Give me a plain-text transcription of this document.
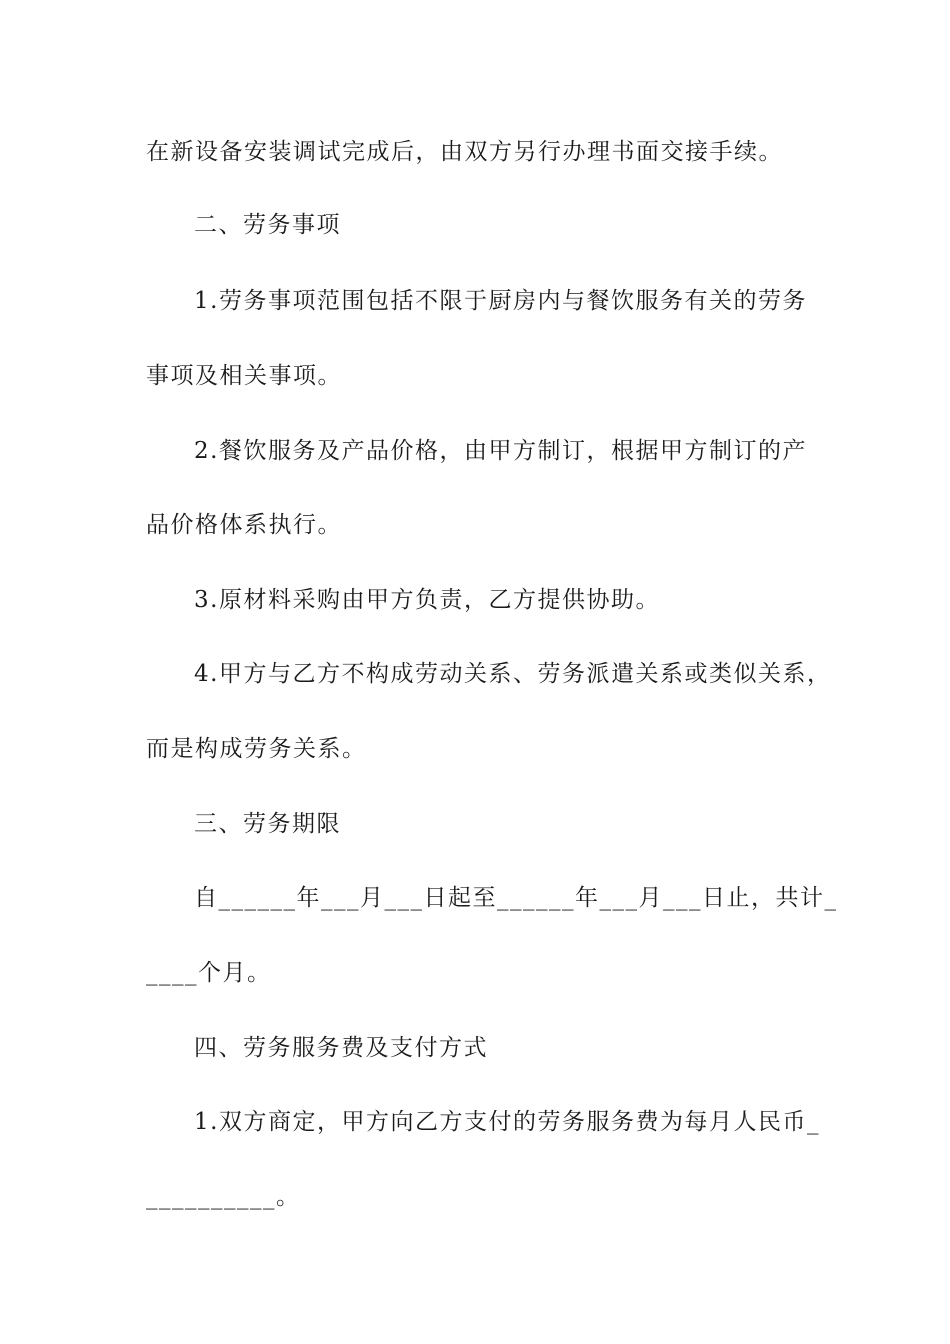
在新设备安装调试完成后，由双方另行办理书面交接手续。
二、劳务事项
1.劳务事项范围包括不限于厨房内与餐饮服务有关的劳务
事项及相关事项。
2.餐饮服务及产品价格，由甲方制订，根据甲方制订的产
品价格体系执行。
3.原材料采购由甲方负责，乙方提供协助。
4.甲方与乙方不构成劳动关系、劳务派遣关系或类似关系，
而是构成劳务关系。
三、劳务期限
自______年___月___日起至______年___月___日止，共计_
____个月。
四、劳务服务费及支付方式
1.双方商定，甲方向乙方支付的劳务服务费为每月人民币_
__________。
